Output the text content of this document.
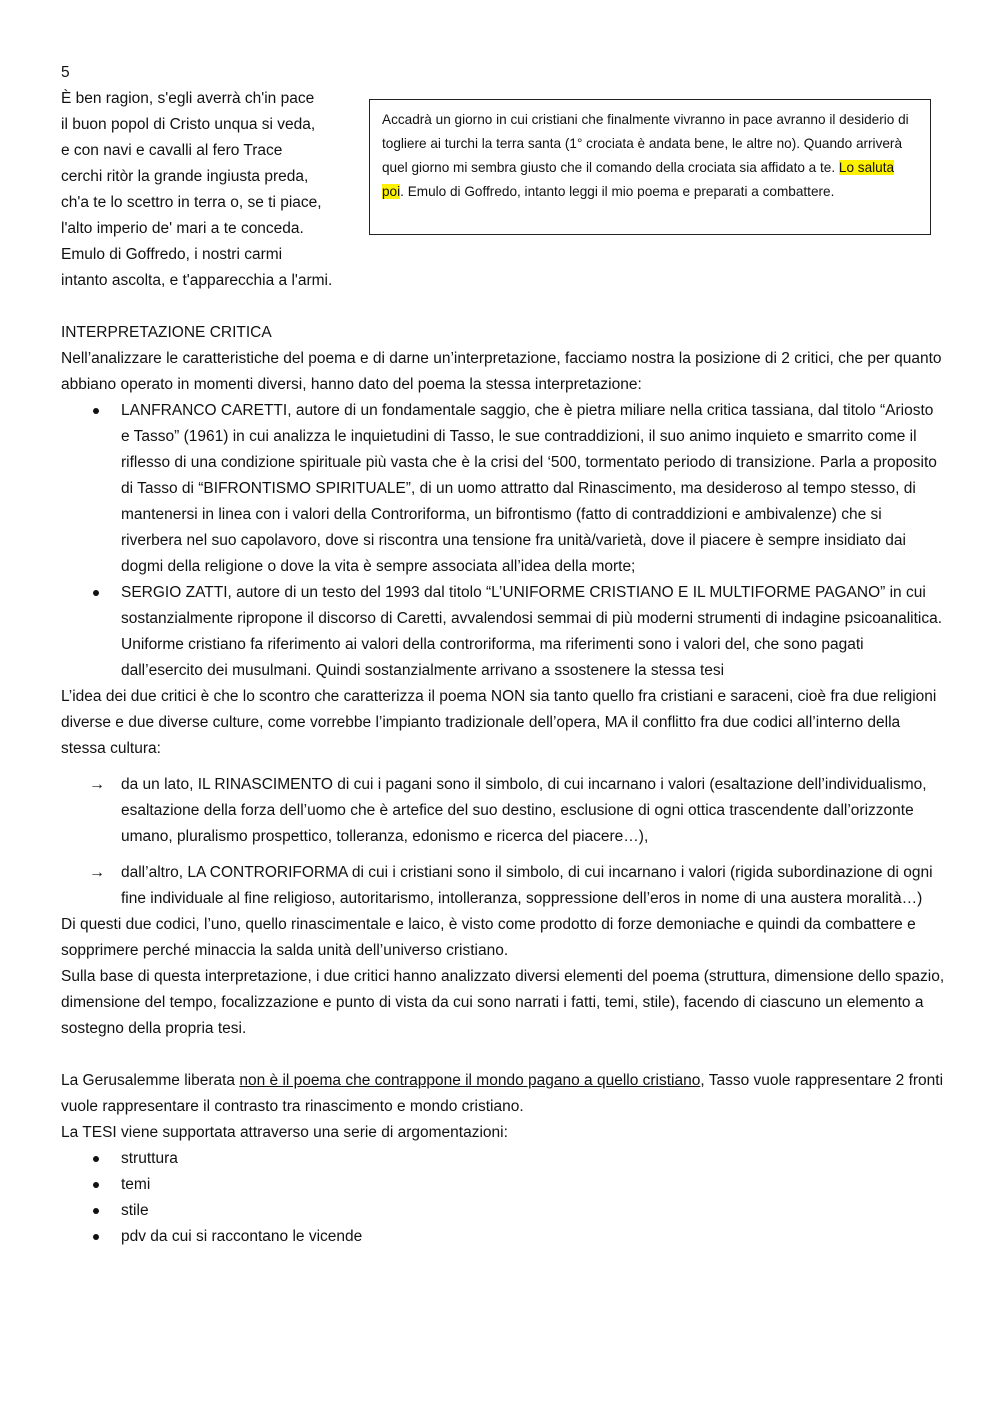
5
È ben ragion, s'egli averrà ch'in pace
il buon popol di Cristo unqua si veda,
e con navi e cavalli al fero Trace
cerchi ritòr la grande ingiusta preda,
ch'a te lo scettro in terra o, se ti piace,
l'alto imperio de' mari a te conceda.
Emulo di Goffredo, i nostri carmi
intanto ascolta, e t'apparecchia a l'armi.
Accadrà un giorno in cui cristiani che finalmente vivranno in pace avranno il desiderio di togliere ai turchi la terra santa (1° crociata è andata bene, le altre no). Quando arriverà quel giorno mi sembra giusto che il comando della crociata sia affidato a te. Lo saluta poi. Emulo di Goffredo, intanto leggi il mio poema e preparati a combattere.

INTERPRETAZIONE CRITICA

Nell’analizzare le caratteristiche del poema e di darne un’interpretazione, facciamo nostra la posizione di 2 critici, che per quanto abbiano operato in momenti diversi, hanno dato del poema la stessa interpretazione:

LANFRANCO CARETTI, autore di un fondamentale saggio, che è pietra miliare nella critica tassiana, dal titolo “Ariosto e Tasso” (1961) in cui analizza le inquietudini di Tasso, le sue contraddizioni, il suo animo inquieto e smarrito come il riflesso di una condizione spirituale più vasta che è la crisi del ‘500, tormentato periodo di transizione. Parla a proposito di Tasso di “BIFRONTISMO SPIRITUALE”, di un uomo attratto dal Rinascimento, ma desideroso al tempo stesso, di mantenersi in linea con i valori della Controriforma, un bifrontismo (fatto di contraddizioni e ambivalenze) che si riverbera nel suo capolavoro, dove si riscontra una tensione fra unità/varietà, dove il piacere è sempre insidiato dai dogmi della religione o dove la vita è sempre associata all’idea della morte;
SERGIO ZATTI, autore di un testo del 1993 dal titolo “L’UNIFORME CRISTIANO E IL MULTIFORME PAGANO” in cui sostanzialmente ripropone il discorso di Caretti, avvalendosi semmai di più moderni strumenti di indagine psicoanalitica. Uniforme cristiano fa riferimento ai valori della controriforma, ma riferimenti sono i valori del, che sono pagati dall’esercito dei musulmani. Quindi sostanzialmente arrivano a ssostenere la stessa tesi

L’idea dei due critici è che lo scontro che caratterizza il poema NON sia tanto quello fra cristiani e saraceni, cioè fra due religioni diverse e due diverse culture, come vorrebbe l’impianto tradizionale dell’opera, MA il conflitto fra due codici all’interno della stessa cultura:

→ da un lato, IL RINASCIMENTO di cui i pagani sono il simbolo, di cui incarnano i valori (esaltazione dell’individualismo, esaltazione della forza dell’uomo che è artefice del suo destino, esclusione di ogni ottica trascendente dall’orizzonte umano, pluralismo prospettico, tolleranza, edonismo e ricerca del piacere…),
→ dall’altro, LA CONTRORIFORMA di cui i cristiani sono il simbolo, di cui incarnano i valori (rigida subordinazione di ogni fine individuale al fine religioso, autoritarismo, intolleranza, soppressione dell’eros in nome di una austera moralità…)

Di questi due codici, l’uno, quello rinascimentale e laico, è visto come prodotto di forze demoniache e quindi da combattere e sopprimere perché minaccia la salda unità dell’universo cristiano.

Sulla base di questa interpretazione, i due critici hanno analizzato diversi elementi del poema (struttura, dimensione dello spazio, dimensione del tempo, focalizzazione e punto di vista da cui sono narrati i fatti, temi, stile), facendo di ciascuno un elemento a sostegno della propria tesi.

La Gerusalemme liberata non è il poema che contrappone il mondo pagano a quello cristiano, Tasso vuole rappresentare 2 fronti vuole rappresentare il contrasto tra rinascimento e mondo cristiano.

La TESI viene supportata attraverso una serie di argomentazioni:

struttura
temi
stile
pdv da cui si raccontano le vicende
